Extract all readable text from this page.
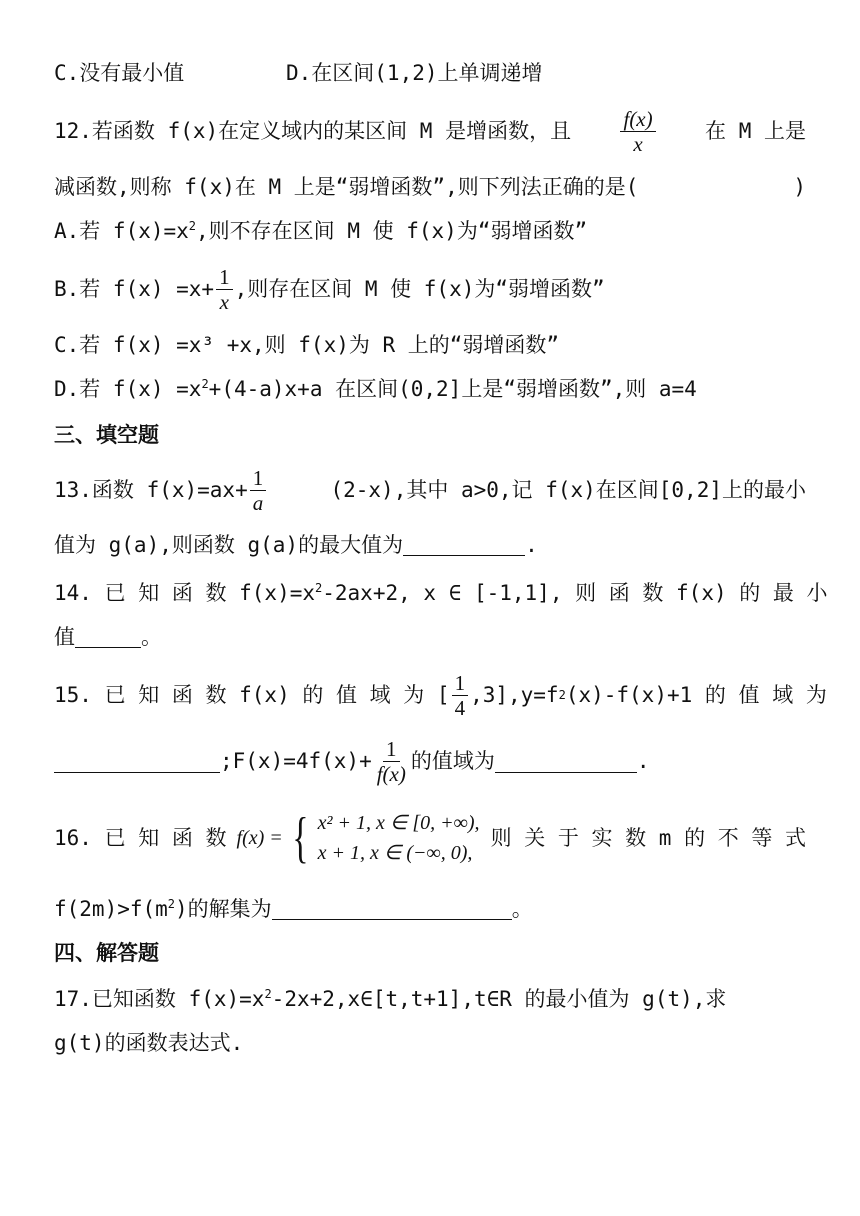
C.没有最小值	D.在区间(1,2)上单调递增
12.若函数 f(x)在定义域内的某区间 M 是增函数，且 $\frac{f(x)}{x}$ 在 M 上是
减函数,则称 f(x)在 M 上是“弱增函数”,则下列法正确的是(	)
A.若 $f(x)=x^2$,则不存在区间 M 使 f(x)为“弱增函数”
B.若 $f(x) =x+ \frac{1}{x}$ ,则存在区间 M 使 f(x)为“弱增函数”
C.若 f(x) =x³ +x,则 f(x)为 R 上的“弱增函数”
D.若 $f(x) =x^2+(4-a)x+a$ 在区间(0,2]上是“弱增函数”,则 a=4
三、填空题
13.函数 $f(x)=ax+ \frac{1}{a}$	(2-x),其中 a>0,记 f(x)在区间[0,2]上的最小
值为 g(a),则函数 g(a)的最大值为	.
14. 已 知 函 数 $f(x)=x^2-2ax+2$, x ∈ [-1,1], 则 函 数 f(x) 的 最 小
值	。
15. 已 知 函 数 f(x) 的 值 域 为 [ $\frac{1}{4} ,3],y=f$ 2 (x)-f(x)+1 的 值 域 为
;F(x)=4f(x)+ $\frac{1}{f(x)}$ 的值域为	.
16. 已 知 函 数 f(x) = { x² + 1, x ∈ [0, +∞),
x + 1, x ∈ (−∞, 0),
则 关 于 实 数 m 的 不 等 式
$f(2m)>f(m^2)$的解集为	。
四、解答题
17.已知函数 $f(x)=x^2-2x+2,x\in[t,t+1],t\in R$ 的最小值为 g(t),求
g(t)的函数表达式.
